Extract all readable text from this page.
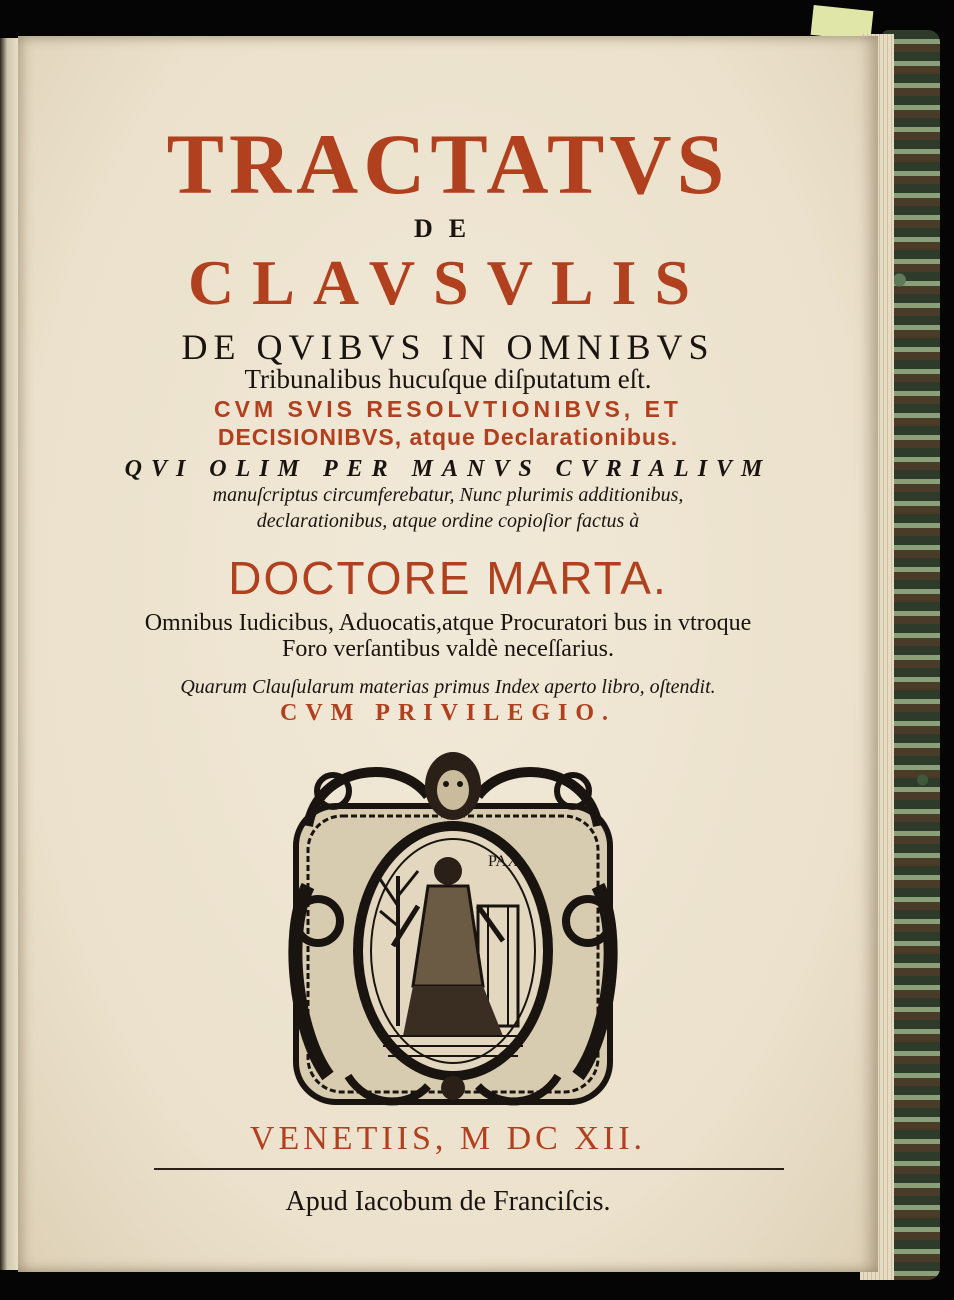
TRACTATVS
DE
CLAVSVLIS
DE QVIBVS IN OMNIBVS
Tribunalibus hucuſque diſputatum eſt.
CVM SVIS RESOLVTIONIBVS, ET
DECISIONIBVS, atque Declarationibus.
QVI OLIM PER MANVS CVRIALIVM
manuſcriptus circumferebatur, Nunc plurimis additionibus,
declarationibus, atque ordine copioſior factus à
DOCTORE MARTA.
Omnibus Iudicibus, Aduocatis,atque Procuratori bus in vtroque
Foro verſantibus valdè neceſſarius.
Quarum Clauſularum materias primus Index aperto libro, oſtendit.
CVM PRIVILEGIO.
PAX
VENETIIS, M DC XII.
Apud Iacobum de Franciſcis.
